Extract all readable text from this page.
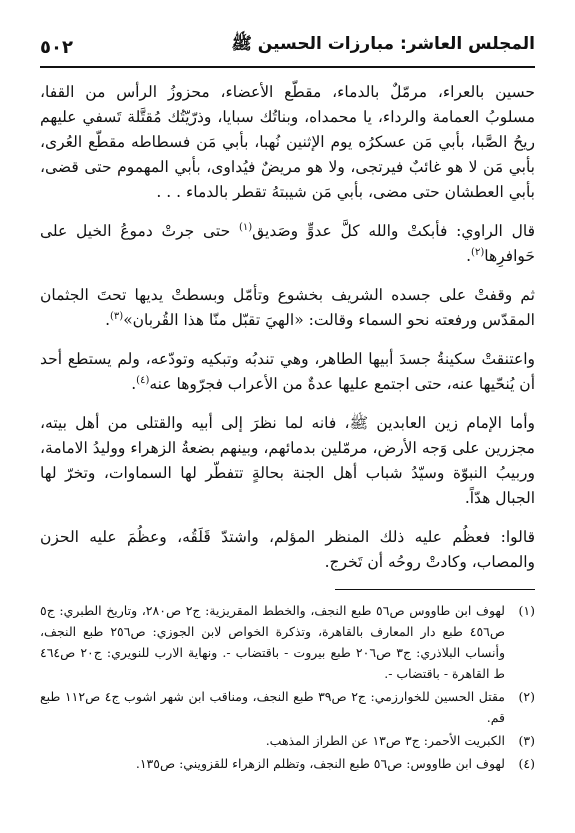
المجلس العاشر: مبارزات الحسين ﷺ
٥٠٢

حسين بالعراء، مرمّلٌ بالدماء، مقطّع الأعضاء، محزوزُ الرأس من القفا، مسلوبُ العمامة والرداء، يا محمداه، وبناتُك سبايا، وذرّيّتُك مُقتَّلة تَسفي عليهم ريحُ الصَّبا، بأبي مَن عسكرُه يوم الإثنين نُهبا، بأبي مَن فسطاطه مقطّع العُرى، بأبي مَن لا هو غائبٌ فيرتجى، ولا هو مريضٌ فيُداوى، بأبي المهموم حتى قضى، بأبي العطشان حتى مضى، بأبي مَن شيبتهُ تقطر بالدماء . . .

قال الراوي: فأبكتْ والله كلَّ عدوٍّ وصَديق$^{(١)}$ حتى جرتْ دموعُ الخيل على حَوافرِها$^{(٢)}$.

ثم وقفتْ على جسده الشريف بخشوع وتأمّل وبسطتْ يديها تحتَ الجثمان المقدّس ورفعته نحو السماء وقالت: «الهيَ تقبّل منّا هذا القُربان»$^{(٣)}$.

واعتنقتْ سكينةُ جسدَ أبيها الطاهر، وهي تندبُه وتبكيه وتودّعه، ولم يستطع أحد أن يُنحّيها عنه، حتى اجتمع عليها عدةٌ من الأعراب فجرّوها عنه$^{(٤)}$.

وأما الإمام زين العابدين ﷺ، فانه لما نظرَ إلى أبيه والقتلى من أهل بيته، مجزرين على وَجه الأرض، مرمّلين بدمائهم، وبينهم بضعةُ الزهراء ووليدُ الامامة، وربيبُ النبوّة وسيّدُ شباب أهل الجنة بحالةٍ تتفطّر لها السماوات، وتخرّ لها الجبال هدّاً.

قالوا: فعظُم عليه ذلك المنظر المؤلم، واشتدّ قَلَقُه، وعظُمَ عليه الحزن والمصاب، وكادتْ روحُه أن تَخرج.

(١)
لهوف ابن طاووس ص٥٦ طبع النجف، والخطط المقريزية: ج٢ ص٢٨٠، وتاريخ الطبري: ج٥ ص٤٥٦ طبع دار المعارف بالقاهرة، وتذكرة الخواص لابن الجوزي: ص٢٥٦ طبع النجف، وأنساب البلاذري: ج٣ ص٢٠٦ طبع بيروت - باقتضاب -. ونهاية الارب للنويري: ج٢٠ ص٤٦٤ ط القاهرة - باقتضاب -.
(٢)
مقتل الحسين للخوارزمي: ج٢ ص٣٩ طبع النجف، ومناقب ابن شهر اشوب ج٤ ص١١٢ طبع قم.
(٣)
الكبريت الأحمر: ج٣ ص١٣ عن الطراز المذهب.
(٤)
لهوف ابن طاووس: ص٥٦ طبع النجف، وتظلم الزهراء للقزويني: ص١٣٥.
